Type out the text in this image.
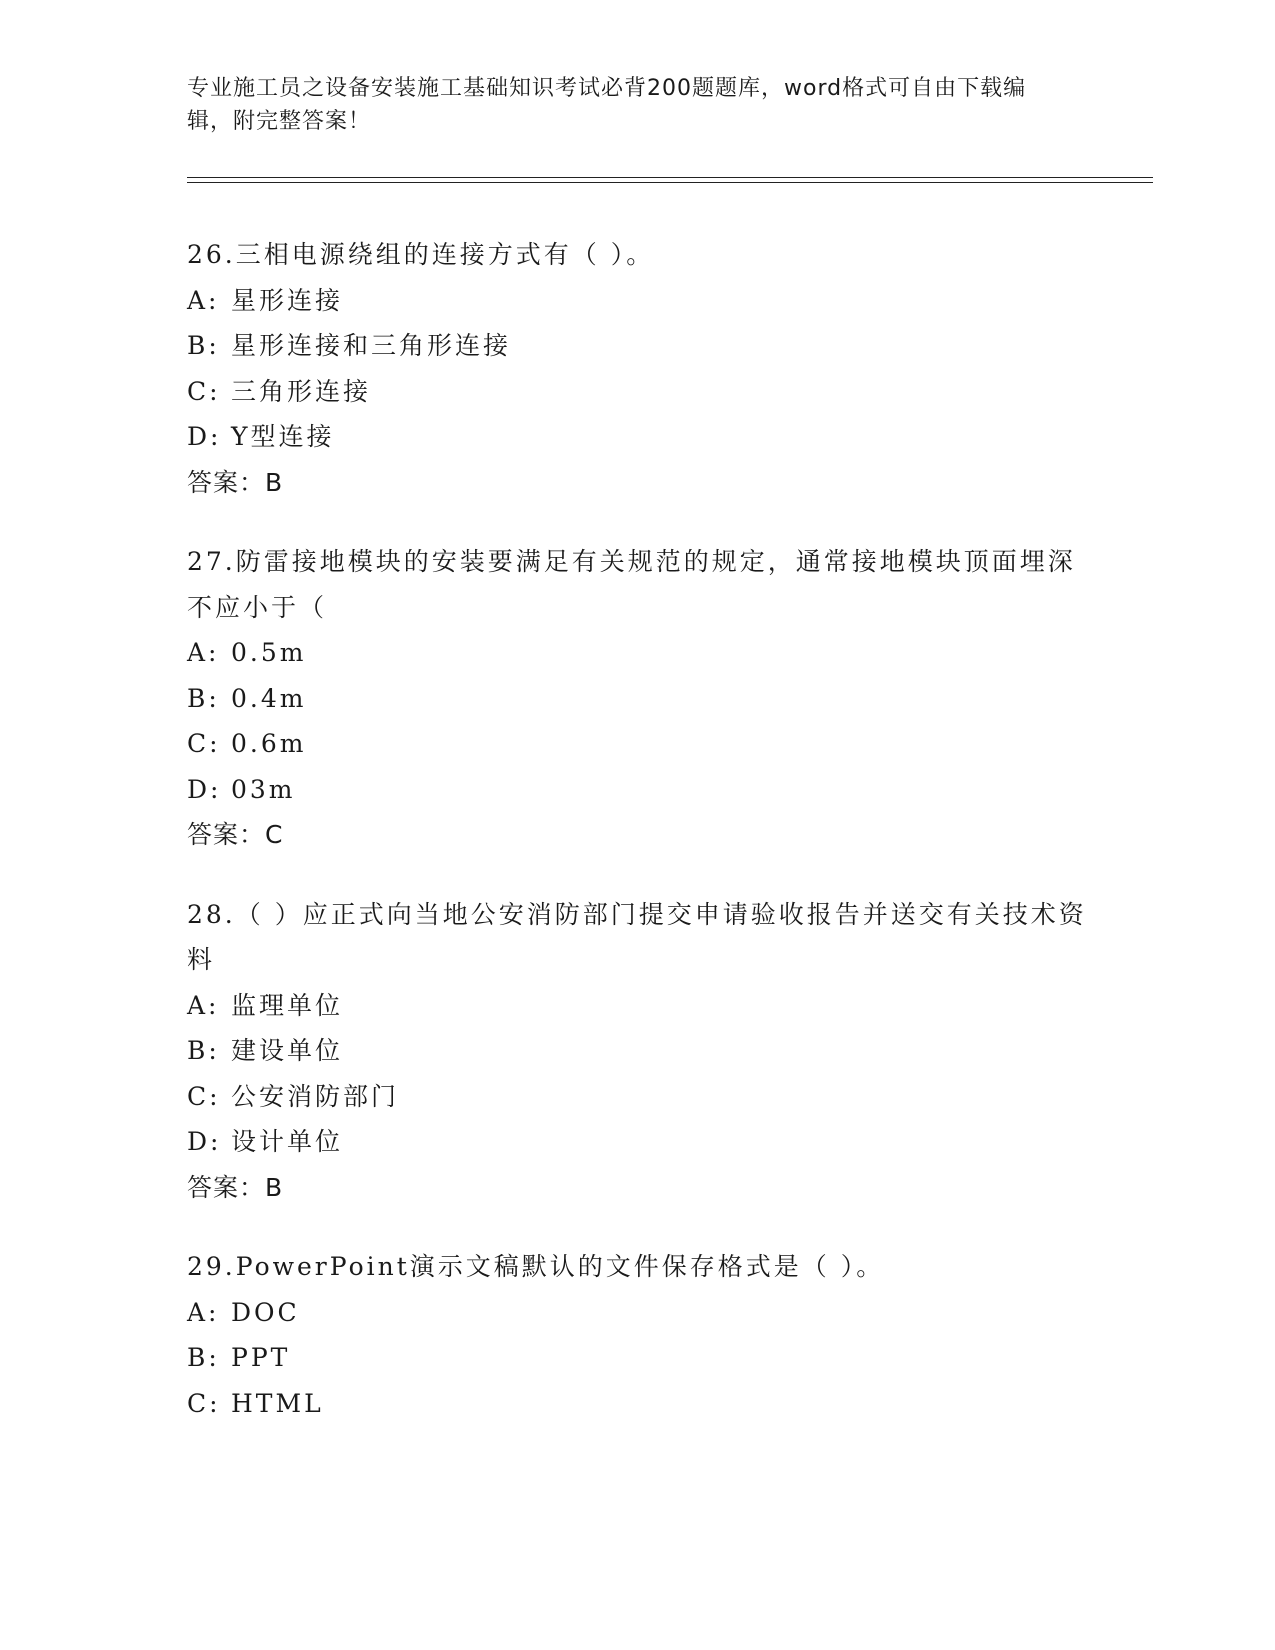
专业施工员之设备安装施工基础知识考试必背200题题库，word格式可自由下载编辑，附完整答案！

26.三相电源绕组的连接方式有（ ）。

A: 星形连接
B: 星形连接和三角形连接
C: 三角形连接
D: Y型连接
答案：B

27.防雷接地模块的安装要满足有关规范的规定，通常接地模块顶面埋深不应小于（

A: 0.5m
B: 0.4m
C: 0.6m
D: 03m
答案：C

28.（ ）应正式向当地公安消防部门提交申请验收报告并送交有关技术资料

A: 监理单位
B: 建设单位
C: 公安消防部门
D: 设计单位
答案：B

29.PowerPoint演示文稿默认的文件保存格式是（ ）。

A: DOC
B: PPT
C: HTML
